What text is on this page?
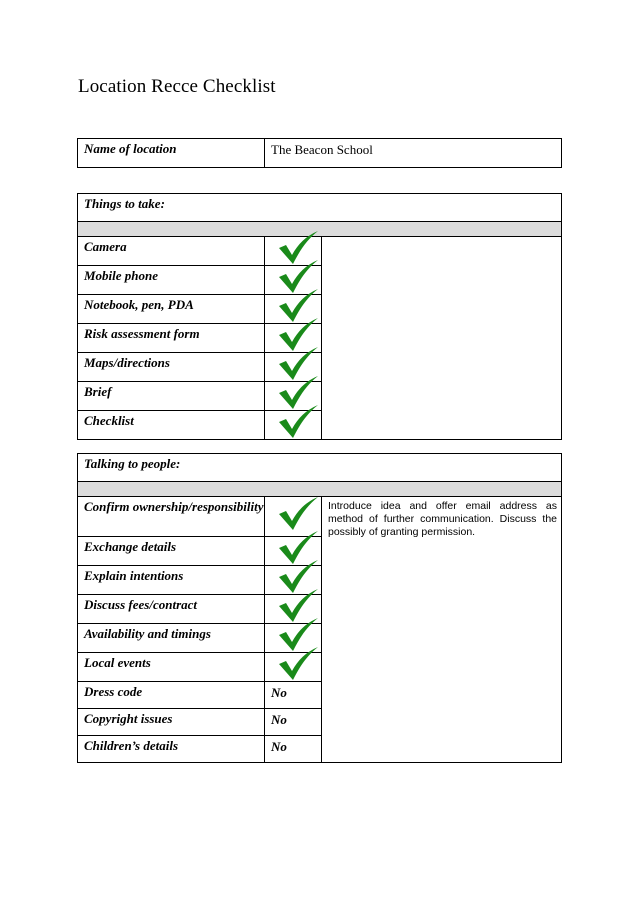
Location Recce Checklist
Name of location	The Beacon School
Things to take:		

Camera	

Mobile phone	

Notebook, pen, PDA	

Risk assessment form	

Maps/directions	

Brief	

Checklist	
Talking to people:		

Confirm ownership/responsibility		Introduce idea and offer email address as method of further communication. Discuss the possibly of granting permission.
Exchange details	

Explain intentions	

Discuss fees/contract	

Availability and timings	

Local events	

Dress code	No	
Copyright issues	No	
Children’s details	No	
